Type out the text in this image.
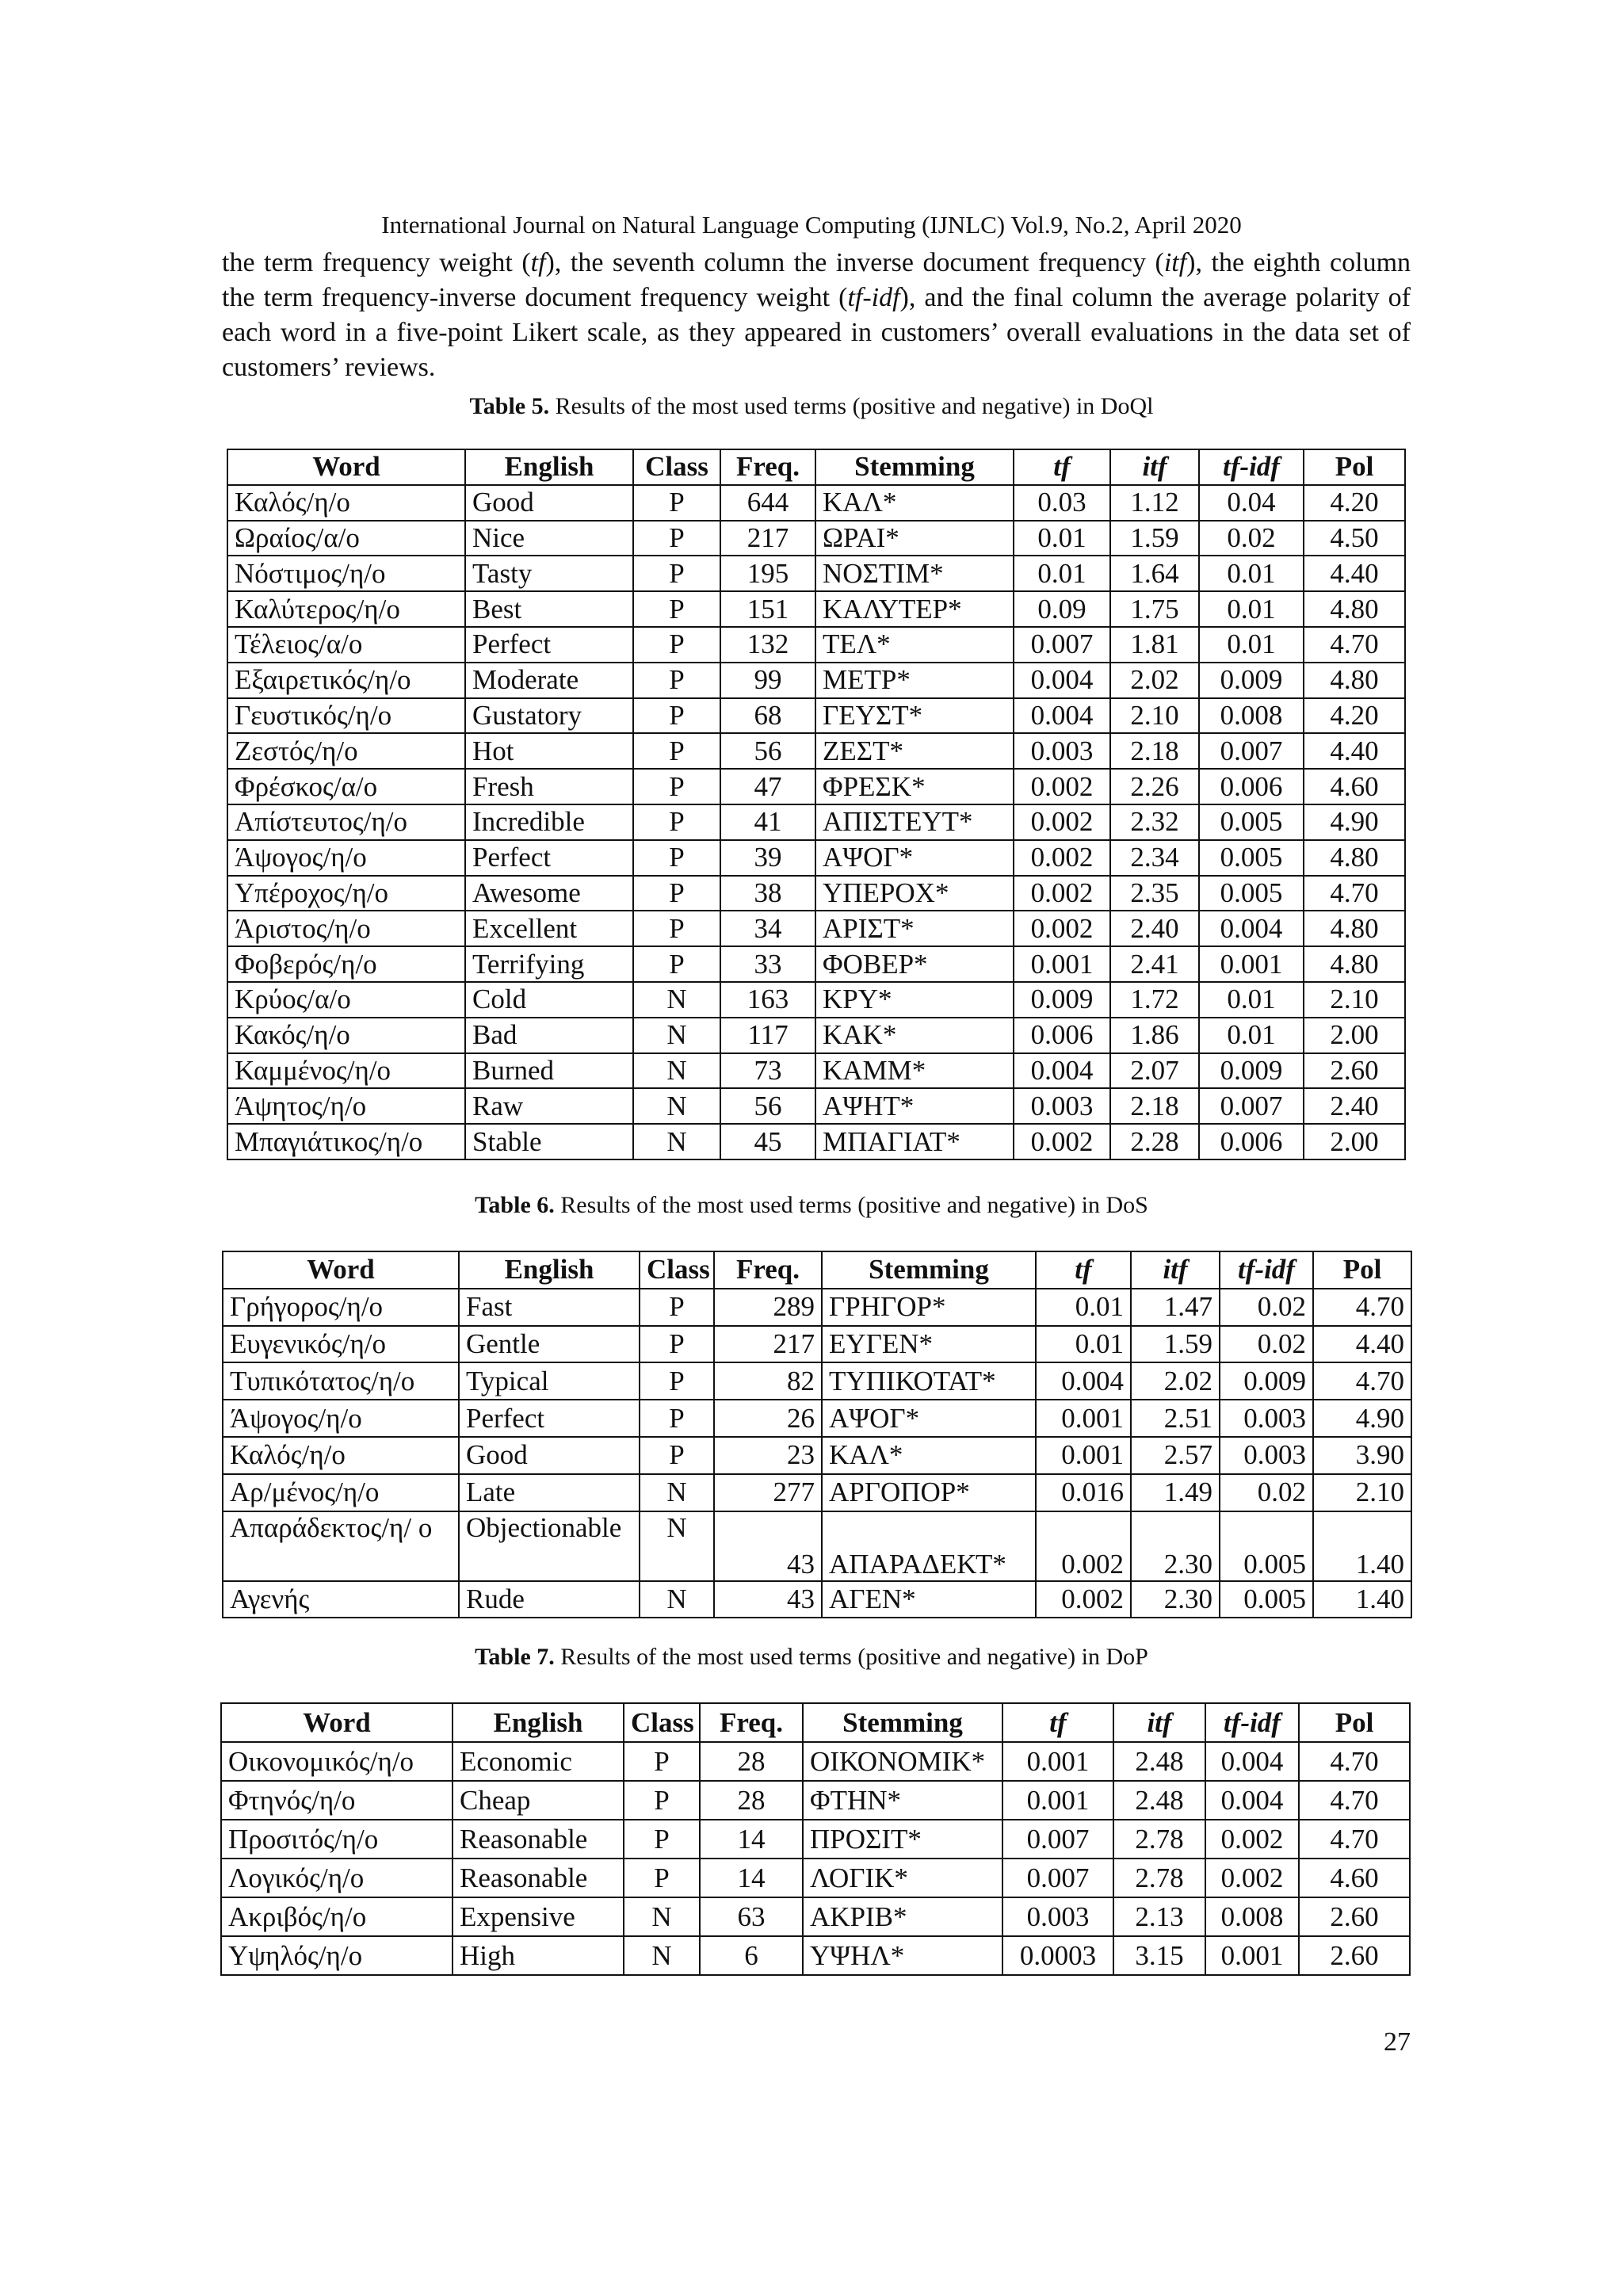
International Journal on Natural Language Computing (IJNLC) Vol.9, No.2, April 2020

the term frequency weight (tf), the seventh column the inverse document frequency (itf), the eighth column the term frequency-inverse document frequency weight (tf-idf), and the final column the average polarity of each word in a five-point Likert scale, as they appeared in customers’ overall evaluations in the data set of customers’ reviews.

Table 5. Results of the most used terms (positive and negative) in DoQl
Word	English	Class	Freq.	Stemming	tf	itf	tf-idf	Pol
Καλός/η/ο	Good	P	644	ΚΑΛ*	0.03	1.12	0.04	4.20
Ωραίος/α/ο	Nice	P	217	ΩΡΑΙ*	0.01	1.59	0.02	4.50
Νόστιμος/η/ο	Tasty	P	195	ΝΟΣΤΙΜ*	0.01	1.64	0.01	4.40
Καλύτερος/η/ο	Best	P	151	ΚΑΛΥΤΕΡ*	0.09	1.75	0.01	4.80
Τέλειος/α/ο	Perfect	P	132	ΤΕΛ*	0.007	1.81	0.01	4.70
Εξαιρετικός/η/ο	Moderate	P	99	ΜΕΤΡ*	0.004	2.02	0.009	4.80
Γευστικός/η/ο	Gustatory	P	68	ΓΕΥΣΤ*	0.004	2.10	0.008	4.20
Ζεστός/η/ο	Hot	P	56	ΖΕΣΤ*	0.003	2.18	0.007	4.40
Φρέσκος/α/ο	Fresh	P	47	ΦΡΕΣΚ*	0.002	2.26	0.006	4.60
Απίστευτος/η/ο	Incredible	P	41	ΑΠΙΣΤΕΥΤ*	0.002	2.32	0.005	4.90
Άψογος/η/ο	Perfect	P	39	ΑΨΟΓ*	0.002	2.34	0.005	4.80
Υπέροχος/η/ο	Awesome	P	38	ΥΠΕΡΟΧ*	0.002	2.35	0.005	4.70
Άριστος/η/ο	Excellent	P	34	ΑΡΙΣΤ*	0.002	2.40	0.004	4.80
Φοβερός/η/ο	Terrifying	P	33	ΦΟΒΕΡ*	0.001	2.41	0.001	4.80
Κρύος/α/ο	Cold	N	163	ΚΡΥ*	0.009	1.72	0.01	2.10
Κακός/η/ο	Bad	N	117	ΚΑΚ*	0.006	1.86	0.01	2.00
Καμμένος/η/ο	Burned	N	73	ΚΑΜΜ*	0.004	2.07	0.009	2.60
Άψητος/η/ο	Raw	N	56	ΑΨΗΤ*	0.003	2.18	0.007	2.40
Μπαγιάτικος/η/ο	Stable	N	45	ΜΠΑΓΙΑΤ*	0.002	2.28	0.006	2.00
Table 6. Results of the most used terms (positive and negative) in DoS
Word	English	Class	Freq.	Stemming	tf	itf	tf-idf	Pol
Γρήγορος/η/ο	Fast	P	289	ΓΡΗΓΟΡ*	0.01	1.47	0.02	4.70
Ευγενικός/η/ο	Gentle	P	217	ΕΥΓΕΝ*	0.01	1.59	0.02	4.40
Τυπικότατος/η/ο	Typical	P	82	ΤΥΠΙΚΟΤΑΤ*	0.004	2.02	0.009	4.70
Άψογος/η/ο	Perfect	P	26	ΑΨΟΓ*	0.001	2.51	0.003	4.90
Καλός/η/ο	Good	P	23	ΚΑΛ*	0.001	2.57	0.003	3.90
Αρ/μένος/η/ο	Late	N	277	ΑΡΓΟΠΟΡ*	0.016	1.49	0.02	2.10
Απαράδεκτος/η/ ο	Objectionable	N	43	ΑΠΑΡΑΔΕΚΤ*	0.002	2.30	0.005	1.40
Αγενής	Rude	N	43	ΑΓΕΝ*	0.002	2.30	0.005	1.40
Table 7. Results of the most used terms (positive and negative) in DoP
Word	English	Class	Freq.	Stemming	tf	itf	tf-idf	Pol
Οικονομικός/η/ο	Economic	P	28	ΟΙΚΟΝΟΜΙΚ*	0.001	2.48	0.004	4.70
Φτηνός/η/ο	Cheap	P	28	ΦΤΗΝ*	0.001	2.48	0.004	4.70
Προσιτός/η/ο	Reasonable	P	14	ΠΡΟΣΙΤ*	0.007	2.78	0.002	4.70
Λογικός/η/ο	Reasonable	P	14	ΛΟΓΙΚ*	0.007	2.78	0.002	4.60
Ακριβός/η/ο	Expensive	N	63	ΑΚΡΙΒ*	0.003	2.13	0.008	2.60
Υψηλός/η/ο	High	N	6	ΥΨΗΛ*	0.0003	3.15	0.001	2.60
27
